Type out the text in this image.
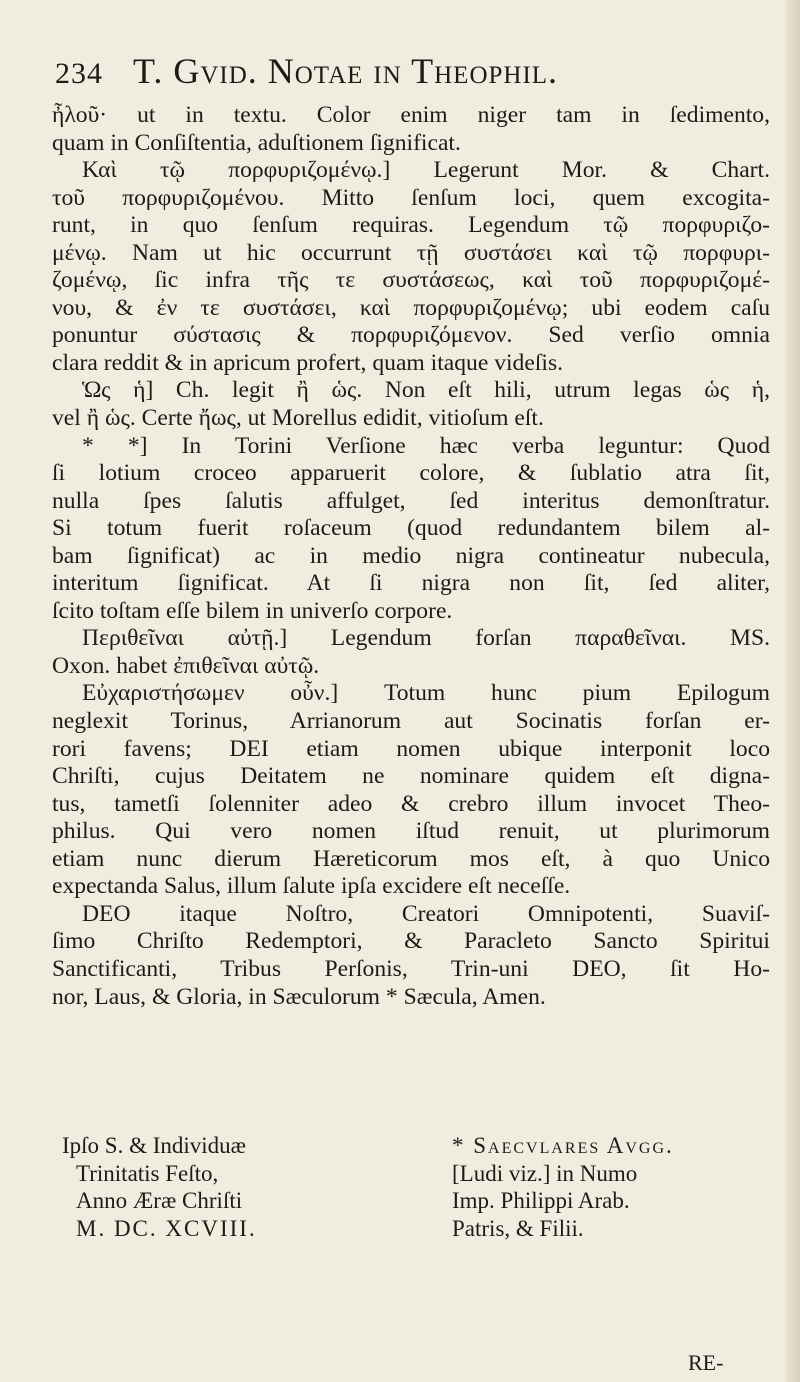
234 T. Gvid. Notae in Theophil.
ἦλοῦ· ut in textu. Color enim niger tam in ſedimento,
quam in Conſiſtentia, aduſtionem ſignificat.
Καὶ τῷ πορφυριζομένῳ.] Legerunt Mor. & Chart.
τοῦ πορφυριζομένου. Mitto ſenſum loci, quem excogita-
runt, in quo ſenſum requiras. Legendum τῷ πορφυριζο-
μένῳ. Nam ut hic occurrunt τῇ συστάσει καὶ τῷ πορφυρι-
ζομένῳ, ſic infra τῆς τε συστάσεως, καὶ τοῦ πορφυριζομέ-
νου, & ἐν τε συστάσει, καὶ πορφυριζομένῳ; ubi eodem caſu
ponuntur σύστασις & πορφυριζόμενον. Sed verſio omnia
clara reddit & in apricum profert, quam itaque videſis.
Ὡς ἡ] Ch. legit ἢ ὡς. Non eſt hili, utrum legas ὡς ἡ,
vel ἢ ὡς. Certe ἤως, ut Morellus edidit, vitioſum eſt.
* *] In Torini Verſione hæc verba leguntur: Quod
ſi lotium croceo apparuerit colore, & ſublatio atra ſit,
nulla ſpes ſalutis affulget, ſed interitus demonſtratur.
Si totum fuerit roſaceum (quod redundantem bilem al-
bam ſignificat) ac in medio nigra contineatur nubecula,
interitum ſignificat. At ſi nigra non ſit, ſed aliter,
ſcito toſtam eſſe bilem in univerſo corpore.
Περιθεῖναι αὐτῇ.] Legendum forſan παραθεῖναι. MS.
Oxon. habet ἐπιθεῖναι αὐτῷ.
Εὐχαριστήσωμεν οὖν.] Totum hunc pium Epilogum
neglexit Torinus, Arrianorum aut Socinatis forſan er-
rori favens; DEI etiam nomen ubique interponit loco
Chriſti, cujus Deitatem ne nominare quidem eſt digna-
tus, tametſi ſolenniter adeo & crebro illum invocet Theo-
philus. Qui vero nomen iſtud renuit, ut plurimorum
etiam nunc dierum Hæreticorum mos eſt, à quo Unico
expectanda Salus, illum ſalute ipſa excidere eſt neceſſe.
DEO itaque Noſtro, Creatori Omnipotenti, Suaviſ-
ſimo Chriſto Redemptori, & Paracleto Sancto Spiritui
Sanctificanti, Tribus Perſonis, Trin-uni DEO, ſit Ho-
nor, Laus, & Gloria, in Sæculorum * Sæcula, Amen.
Ipſo S. & Individuæ
Trinitatis Feſto,
Anno Æræ Chriſti
M. DC. XCVIII.
* Saecvlares Avgg.
[Ludi viz.] in Numo
Imp. Philippi Arab.
Patris, & Filii.
RE-
